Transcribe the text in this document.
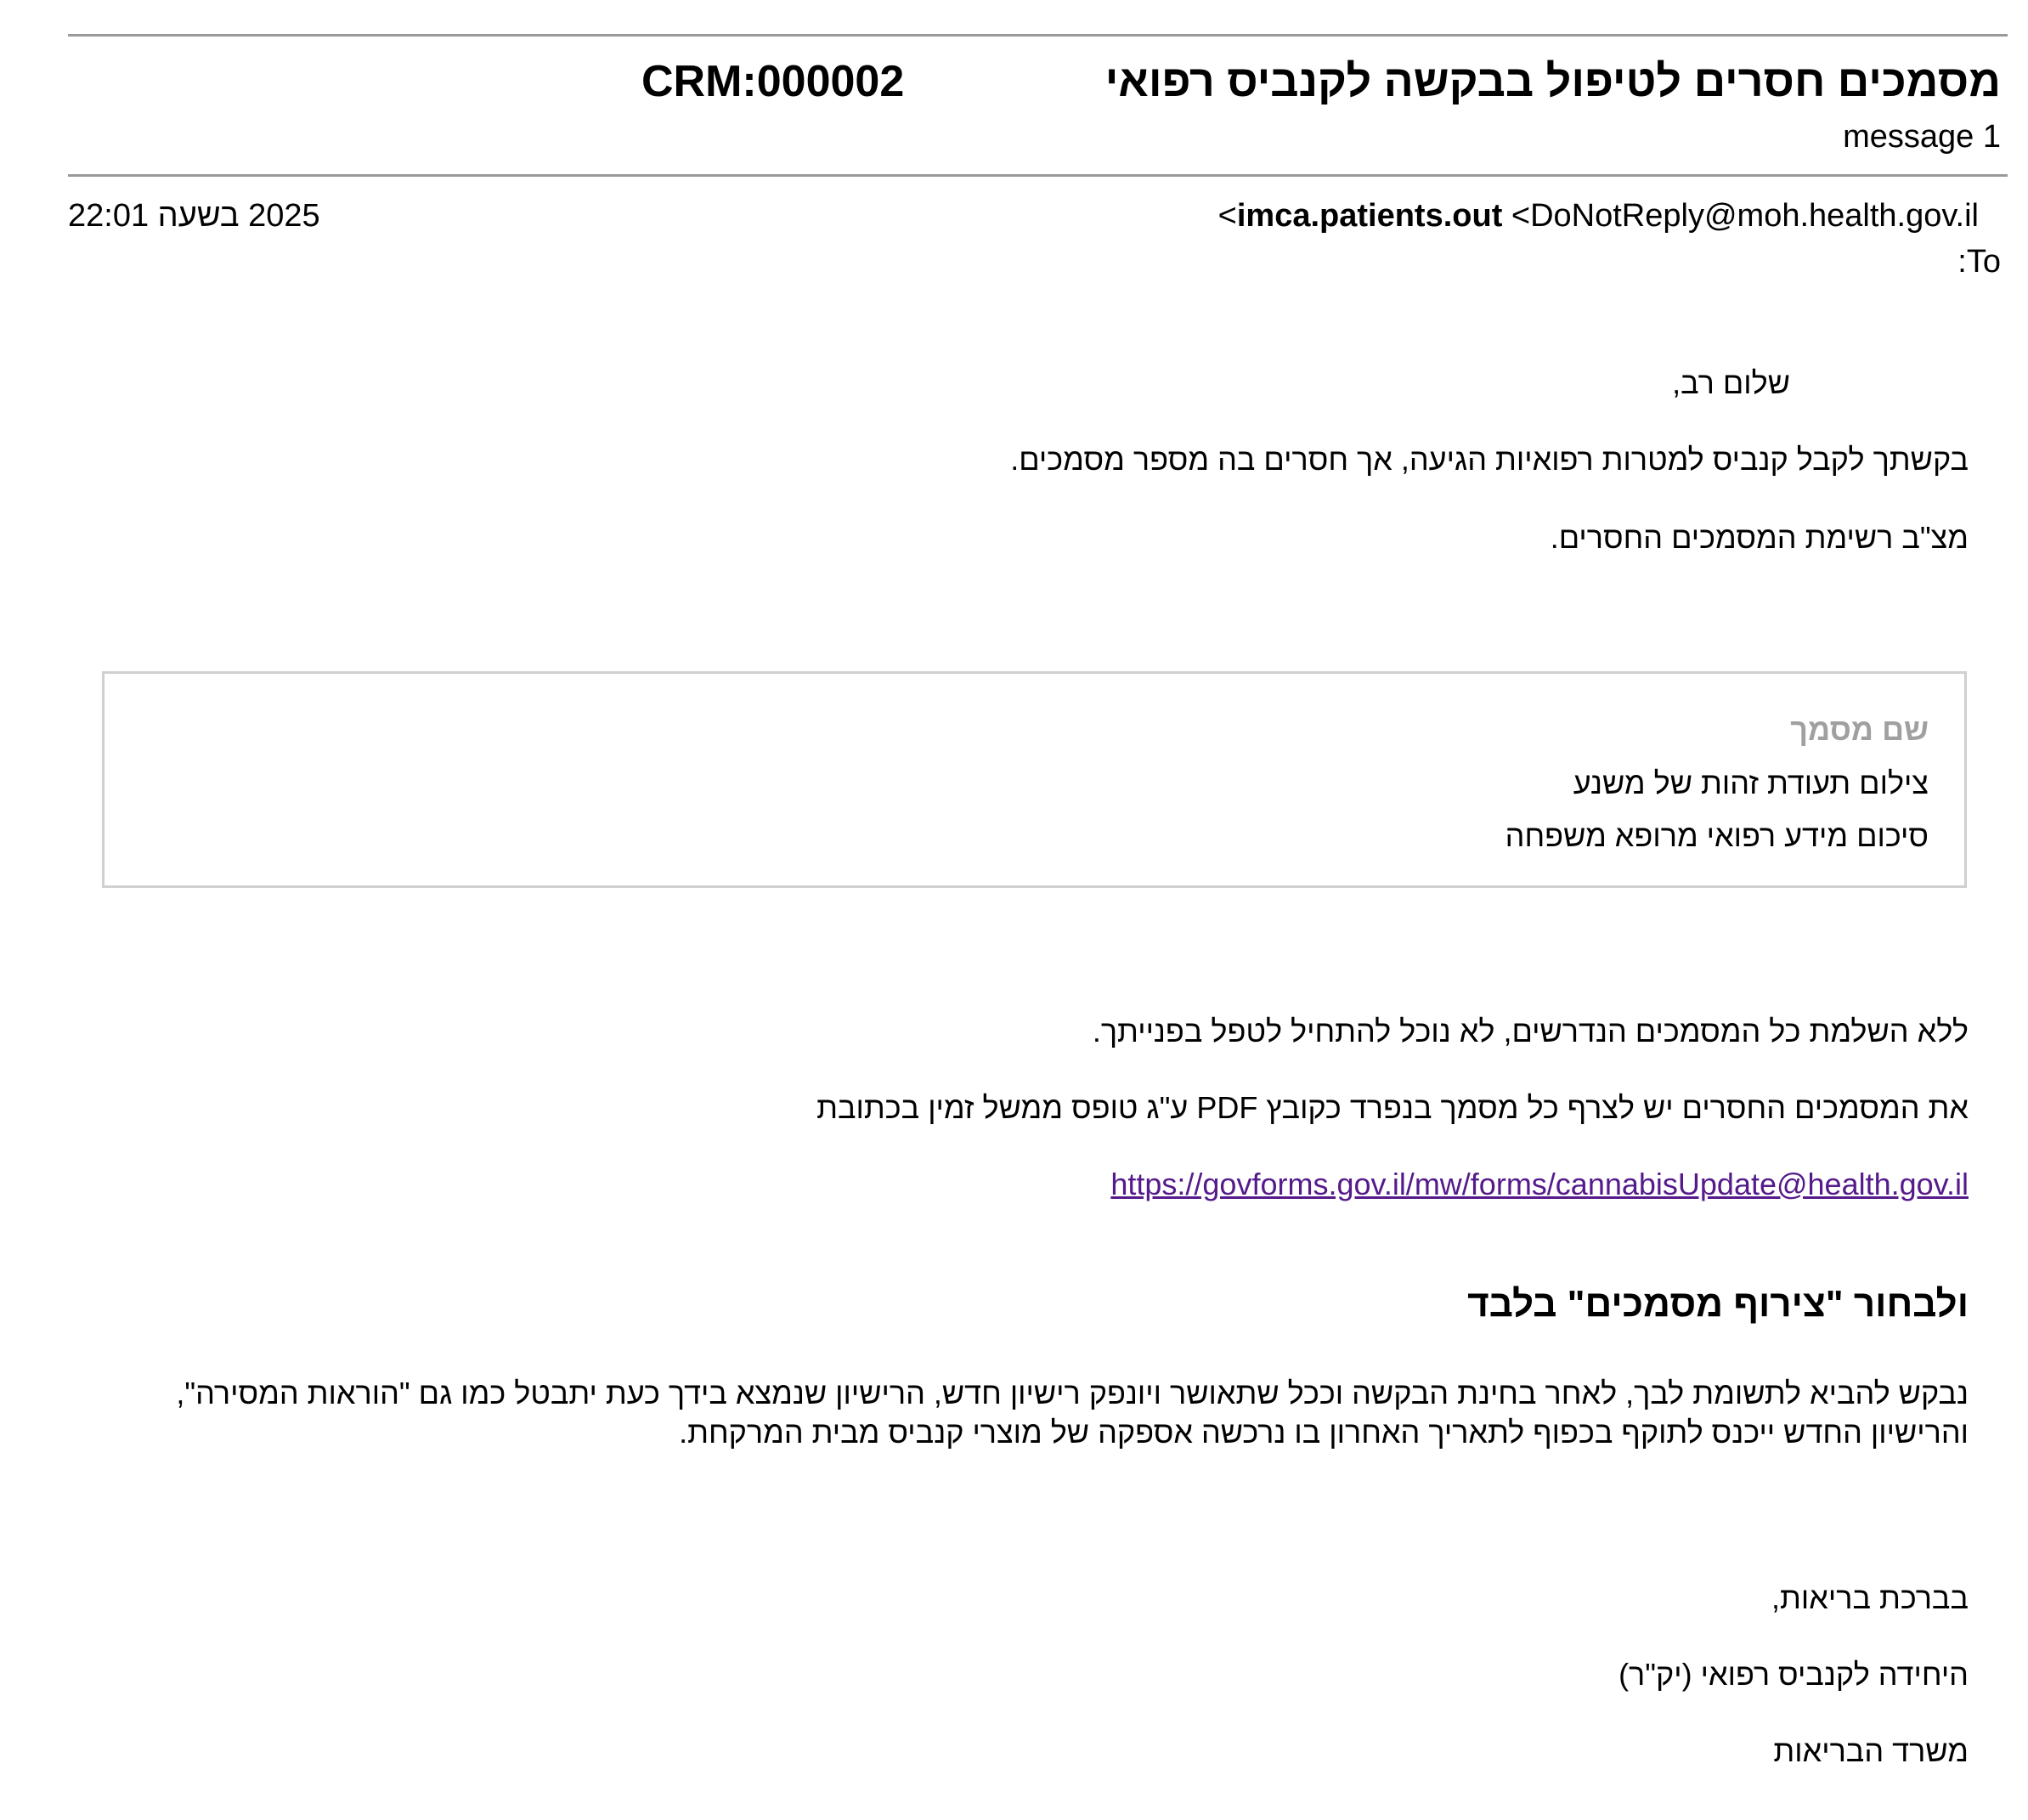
מסמכים חסרים לטיפול בבקשה לקנביס רפואי
CRM:000002
message 1
imca.patients.out <DoNotReply@moh.health.gov.il>
2025 בשעה 22:01
To:
שלום רב,
בקשתך לקבל קנביס למטרות רפואיות הגיעה, אך חסרים בה מספר מסמכים.
מצ"ב רשימת המסמכים החסרים.
שם מסמך
צילום תעודת זהות של משנע
סיכום מידע רפואי מרופא משפחה
ללא השלמת כל המסמכים הנדרשים, לא נוכל להתחיל לטפל בפנייתך.
את המסמכים החסרים יש לצרף כל מסמך בנפרד כקובץ PDF ע"ג טופס ממשל זמין בכתובת
https://govforms.gov.il/mw/forms/cannabisUpdate@health.gov.il
ולבחור "צירוף מסמכים" בלבד
נבקש להביא לתשומת לבך, לאחר בחינת הבקשה וככל שתאושר ויונפק רישיון חדש, הרישיון שנמצא בידך כעת יתבטל כמו גם "הוראות המסירה", והרישיון החדש ייכנס לתוקף בכפוף לתאריך האחרון בו נרכשה אספקה של מוצרי קנביס מבית המרקחת.
בברכת בריאות,
היחידה לקנביס רפואי (יק"ר)
משרד הבריאות
